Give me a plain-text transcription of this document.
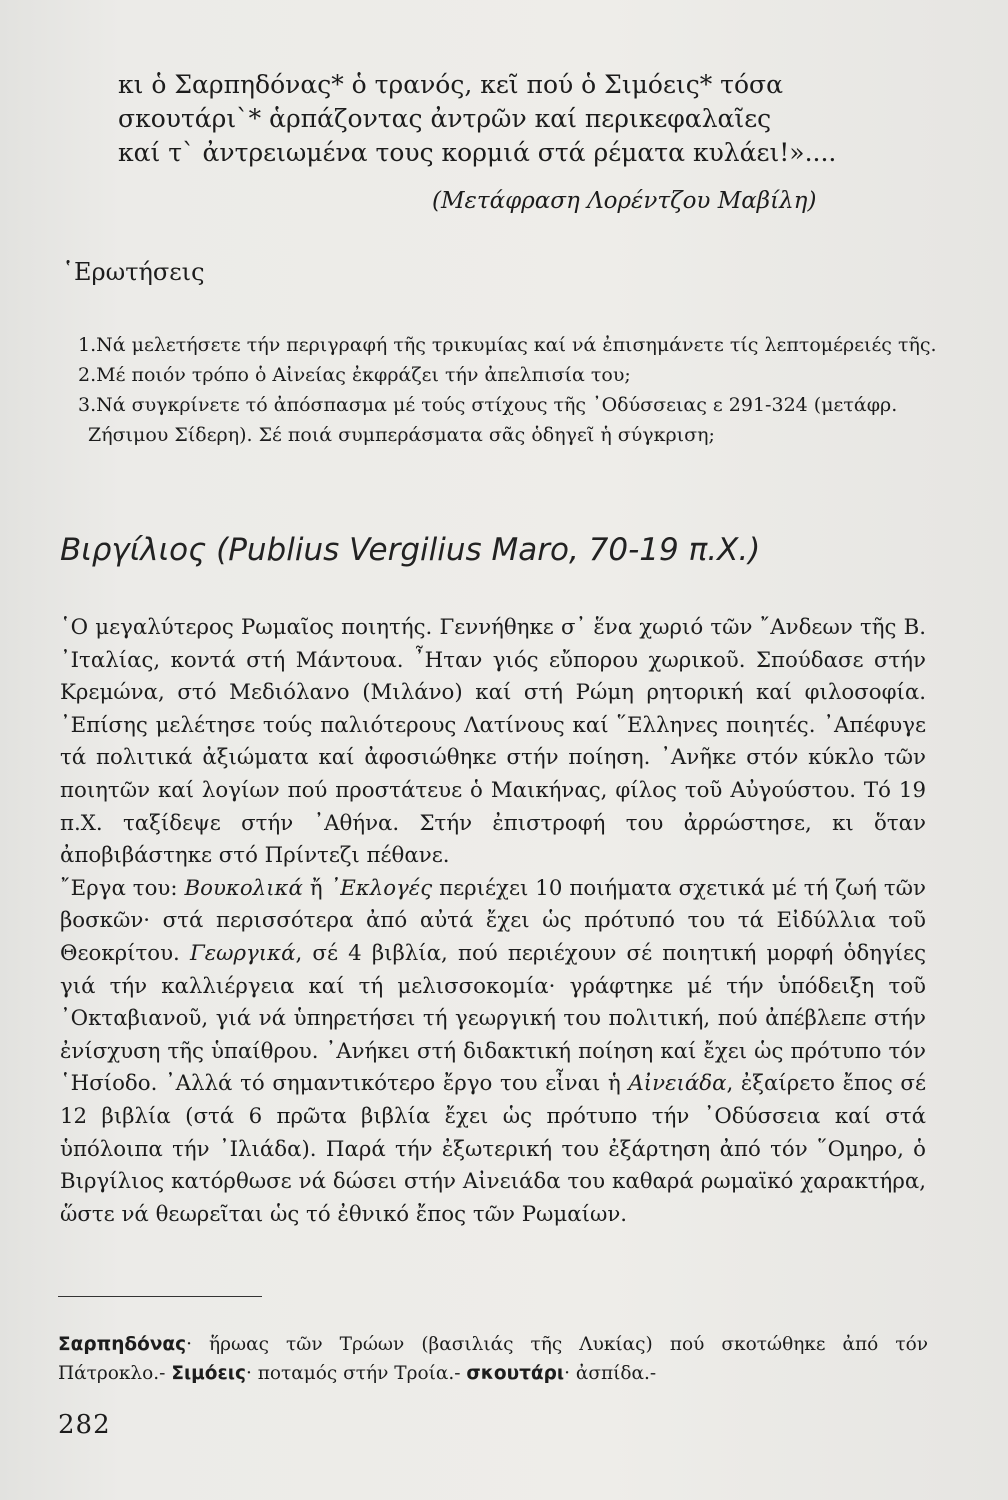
κι ὁ Σαρπηδόνας* ὁ τρανός, κεῖ πού ὁ Σιμόεις* τόσα
σκουτάρι`* ἁρπάζοντας ἀντρῶν καί περικεφαλαῖες
καί τ` ἀντρειωμένα τους κορμιά στά ρέματα κυλάει!»....
(Μετάφραση Λορέντζου Μαβίλη)
῾Ερωτήσεις

1.Νά μελετήσετε τήν περιγραφή τῆς τρικυμίας καί νά ἐπισημάνετε τίς λεπτομέρειές τῆς.

2.Μέ ποιόν τρόπο ὁ Αἰνείας ἐκφράζει τήν ἀπελπισία του;

3.Νά συγκρίνετε τό ἀπόσπασμα μέ τούς στίχους τῆς ᾿Οδύσσειας ε 291-324 (μετάφρ. Ζήσιμου Σίδερη). Σέ ποιά συμπεράσματα σᾶς ὁδηγεῖ ἡ σύγκριση;

Βιργίλιος (Publius Vergilius Maro, 70-19 π.Χ.)

῾Ο μεγαλύτερος Ρωμαῖος ποιητής. Γεννήθηκε σ᾿ ἕνα χωριό τῶν ῎Ανδεων τῆς Β. ᾿Ιταλίας, κοντά στή Μάντουα. ῏Ηταν γιός εὔπορου χωρικοῦ. Σπούδασε στήν Κρεμώνα, στό Μεδιόλανο (Μιλάνο) καί στή Ρώμη ρητορική καί φιλοσοφία. ᾿Επίσης μελέτησε τούς παλιότερους Λατίνους καί ῞Ελληνες ποιητές. ᾿Απέφυγε τά πολιτικά ἀξιώματα καί ἀφοσιώθηκε στήν ποίηση. ᾿Ανῆκε στόν κύκλο τῶν ποιητῶν καί λογίων πού προστάτευε ὁ Μαικήνας, φίλος τοῦ Αὐγούστου. Τό 19 π.Χ. ταξίδεψε στήν ᾿Αθήνα. Στήν ἐπιστροφή του ἀρρώστησε, κι ὅταν ἀποβιβάστηκε στό Πρίντεζι πέθανε.

῎Εργα του: Βουκολικά ἤ ᾿Εκλογές περιέχει 10 ποιήματα σχετικά μέ τή ζωή τῶν βοσκῶν· στά περισσότερα ἀπό αὐτά ἔχει ὡς πρότυπό του τά Εἰδύλλια τοῦ Θεοκρίτου. Γεωργικά, σέ 4 βιβλία, πού περιέχουν σέ ποιητική μορφή ὁδηγίες γιά τήν καλλιέργεια καί τή μελισσοκομία· γράφτηκε μέ τήν ὑπόδειξη τοῦ ᾿Οκταβιανοῦ, γιά νά ὑπηρετήσει τή γεωργική του πολιτική, πού ἀπέβλεπε στήν ἐνίσχυση τῆς ὑπαίθρου. ᾿Ανήκει στή διδακτική ποίηση καί ἔχει ὡς πρότυπο τόν ῾Ησίοδο. ᾿Αλλά τό σημαντικότερο ἔργο του εἶναι ἡ Αἰνειάδα, ἐξαίρετο ἔπος σέ 12 βιβλία (στά 6 πρῶτα βιβλία ἔχει ὡς πρότυπο τήν ᾿Οδύσσεια καί στά ὑπόλοιπα τήν ᾿Ιλιάδα). Παρά τήν ἐξωτερική του ἐξάρτηση ἀπό τόν ῞Ομηρο, ὁ Βιργίλιος κατόρθωσε νά δώσει στήν Αἰνειάδα του καθαρά ρωμαϊκό χαρακτήρα, ὥστε νά θεωρεῖται ὡς τό ἐθνικό ἔπος τῶν Ρωμαίων.

Σαρπηδόνας· ἥρωας τῶν Τρώων (βασιλιάς τῆς Λυκίας) πού σκοτώθηκε ἀπό τόν Πάτροκλο.- Σιμόεις· ποταμός στήν Τροία.- σκουτάρι· ἀσπίδα.-
282
